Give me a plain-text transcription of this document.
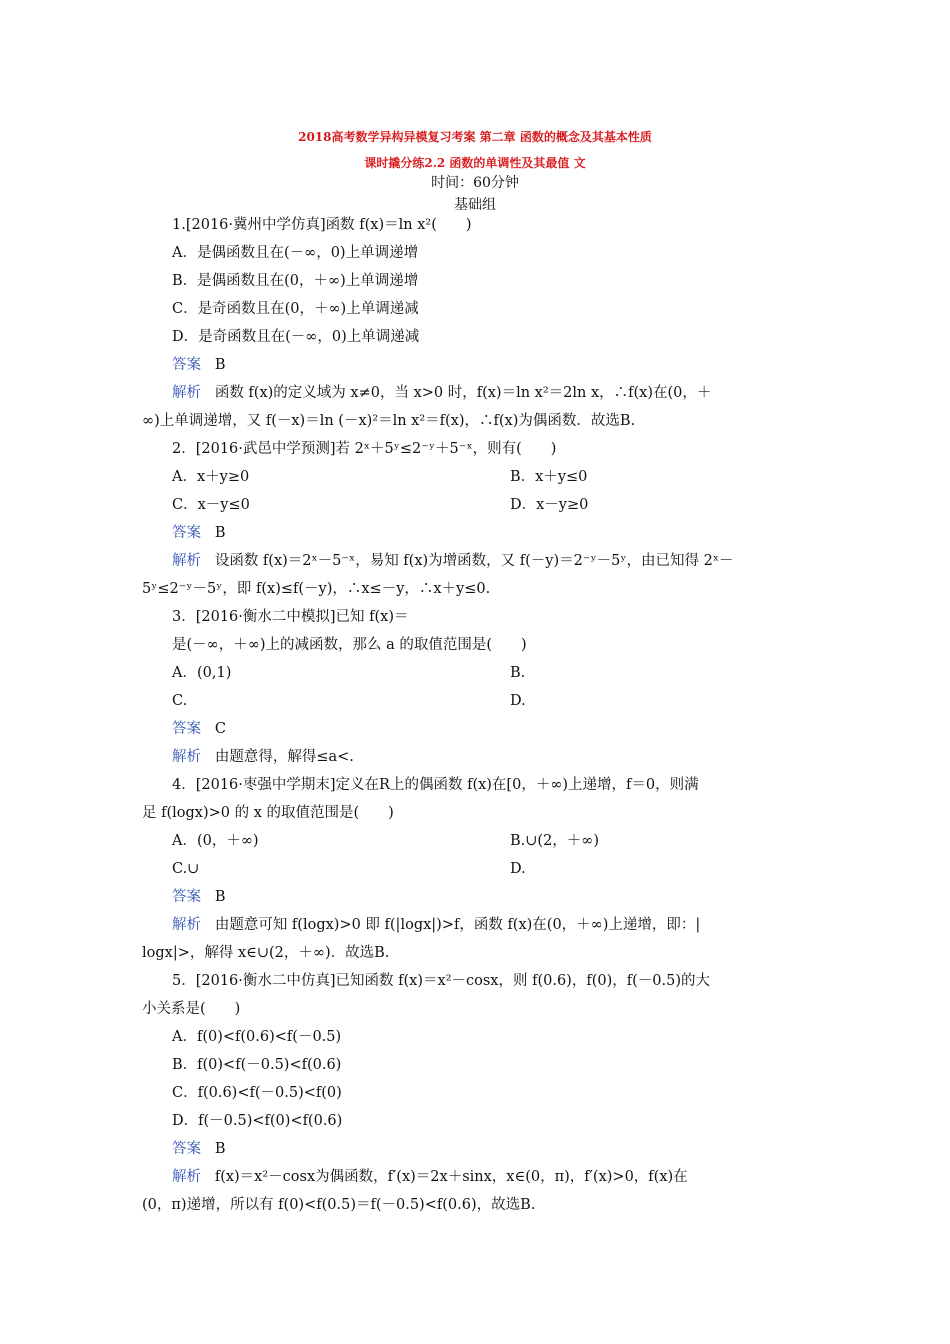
2018高考数学异构异模复习考案 第二章 函数的概念及其基本性质
课时撬分练2.2 函数的单调性及其最值 文
时间：60分钟
基础组
1.[2016·冀州中学仿真]函数 f(x)＝ln x²(　　)
A．是偶函数且在(－∞，0)上单调递增
B．是偶函数且在(0，＋∞)上单调递增
C．是奇函数且在(0，＋∞)上单调递减
D．是奇函数且在(－∞，0)上单调递减
答案 B
解析 函数 f(x)的定义域为 x≠0，当 x>0 时，f(x)＝ln x²＝2ln x，∴f(x)在(0，＋
∞)上单调递增，又 f(－x)＝ln (－x)²＝ln x²＝f(x)，∴f(x)为偶函数．故选B.
2．[2016·武邑中学预测]若 2ˣ＋5ʸ≤2⁻ʸ＋5⁻ˣ，则有(　　)
A．x＋y≥0	B．x＋y≤0
C．x－y≤0	D．x－y≥0
答案 B
解析 设函数 f(x)＝2ˣ－5⁻ˣ，易知 f(x)为增函数，又 f(－y)＝2⁻ʸ－5ʸ，由已知得 2ˣ－
5ʸ≤2⁻ʸ－5ʸ，即 f(x)≤f(－y)，∴x≤－y，∴x＋y≤0.
3．[2016·衡水二中模拟]已知 f(x)＝
是(－∞，＋∞)上的减函数，那么 a 的取值范围是(　　)
A．(0,1)	B.
C.	D.
答案 C
解析 由题意得，解得≤a<.
4．[2016·枣强中学期末]定义在R上的偶函数 f(x)在[0，＋∞)上递增，f＝0，则满
足 f(logx)>0 的 x 的取值范围是(　　)
A．(0，＋∞)	B.∪(2，＋∞)
C.∪	D.
答案 B
解析 由题意可知 f(logx)>0 即 f(|logx|)>f，函数 f(x)在(0，＋∞)上递增，即：|
logx|>，解得 x∈∪(2，＋∞)．故选B.
5．[2016·衡水二中仿真]已知函数 f(x)＝x²－cosx，则 f(0.6)，f(0)，f(－0.5)的大
小关系是(　　)
A．f(0)<f(0.6)<f(－0.5)
B．f(0)<f(－0.5)<f(0.6)
C．f(0.6)<f(－0.5)<f(0)
D．f(－0.5)<f(0)<f(0.6)
答案 B
解析 f(x)＝x²－cosx为偶函数，f′(x)＝2x＋sinx，x∈(0，π)，f′(x)>0，f(x)在
(0，π)递增，所以有 f(0)<f(0.5)＝f(－0.5)<f(0.6)，故选B.
